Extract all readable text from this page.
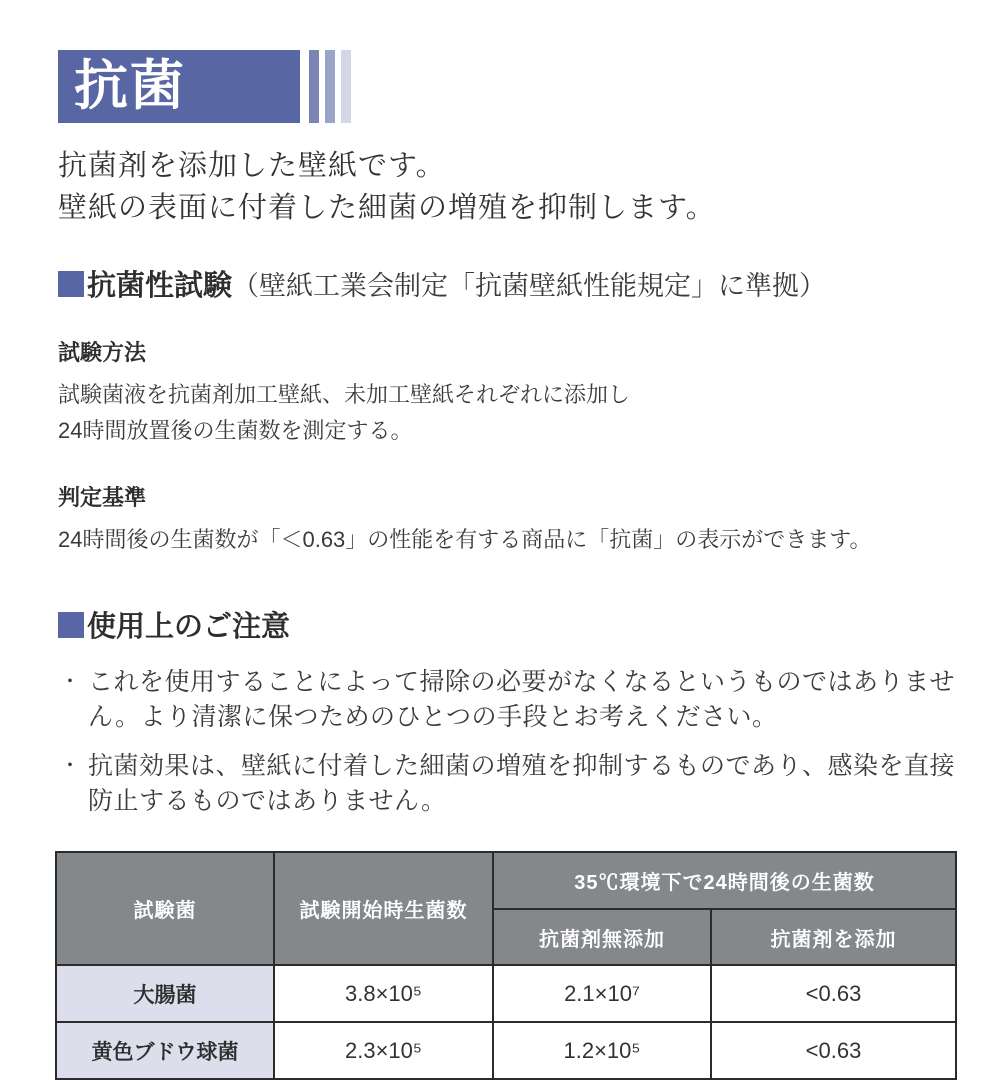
抗菌
抗菌剤を添加した壁紙です。
壁紙の表面に付着した細菌の増殖を抑制します。
抗菌性試験 （壁紙工業会制定「抗菌壁紙性能規定」に準拠）
試験方法
試験菌液を抗菌剤加工壁紙、未加工壁紙それぞれに添加し
24時間放置後の生菌数を測定する。
判定基準
24時間後の生菌数が「＜0.63」の性能を有する商品に「抗菌」の表示ができます。
使用上のご注意
・ これを使用することによって掃除の必要がなくなるというものではありません。より清潔に保つためのひとつの手段とお考えください。
・ 抗菌効果は、壁紙に付着した細菌の増殖を抑制するものであり、感染を直接防止するものではありません。
試験菌	試験開始時生菌数	35℃環境下で24時間後の生菌数	
		抗菌剤無添加	抗菌剤を添加
大腸菌	3.8×10⁵	2.1×10⁷	<0.63
黄色ブドウ球菌	2.3×10⁵	1.2×10⁵	<0.63
